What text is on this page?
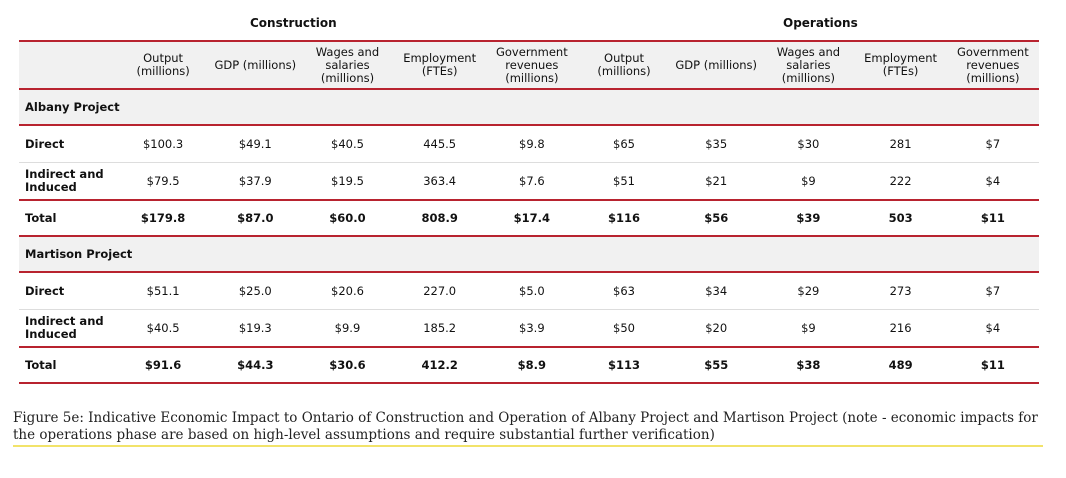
Construction	Operations
	Output (millions)	GDP (millions)	Wages and salaries (millions)	Employment (FTEs)	Government revenues (millions)	Output (millions)	GDP (millions)	Wages and salaries (millions)	Employment (FTEs)	Government revenues (millions)
Albany Project										
Direct	$100.3	$49.1	$40.5	445.5	$9.8	$65	$35	$30	281	$7
Indirect and Induced	$79.5	$37.9	$19.5	363.4	$7.6	$51	$21	$9	222	$4
Total	$179.8	$87.0	$60.0	808.9	$17.4	$116	$56	$39	503	$11
Martison Project										
Direct	$51.1	$25.0	$20.6	227.0	$5.0	$63	$34	$29	273	$7
Indirect and Induced	$40.5	$19.3	$9.9	185.2	$3.9	$50	$20	$9	216	$4
Total	$91.6	$44.3	$30.6	412.2	$8.9	$113	$55	$38	489	$11
Figure 5e: Indicative Economic Impact to Ontario of Construction and Operation of Albany Project and Martison Project (note - economic impacts for the operations phase are based on high-level assumptions and require substantial further verification)
